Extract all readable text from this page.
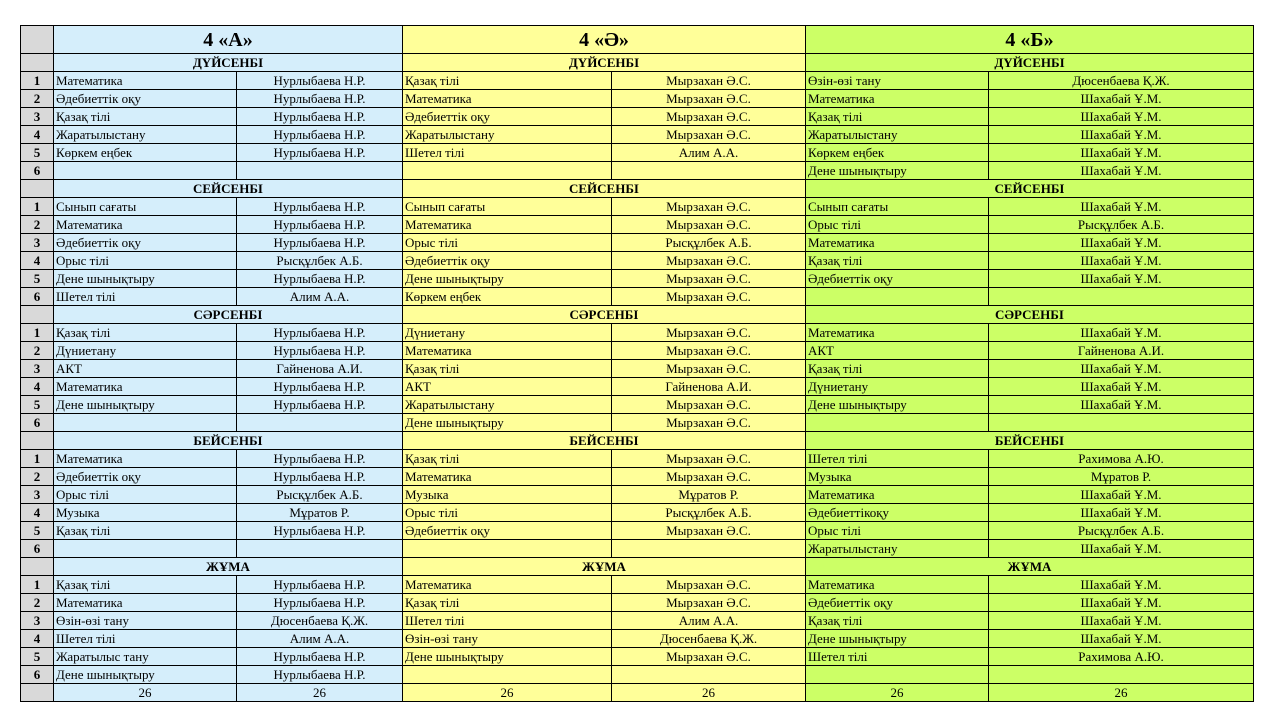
	4 «А»		4 «Ә»		4 «Б»	
	ДҮЙСЕНБІ		ДҮЙСЕНБІ		ДҮЙСЕНБІ	
1	Математика	Нурлыбаева Н.Р.	Қазақ тілі	Мырзахан Ә.С.	Өзін-өзі тану	Дюсенбаева Қ.Ж.
2	Әдебиеттік оқу	Нурлыбаева Н.Р.	Математика	Мырзахан Ә.С.	Математика	Шахабай Ұ.М.
3	Қазақ тілі	Нурлыбаева Н.Р.	Әдебиеттік оқу	Мырзахан Ә.С.	Қазақ тілі	Шахабай Ұ.М.
4	Жаратылыстану	Нурлыбаева Н.Р.	Жаратылыстану	Мырзахан Ә.С.	Жаратылыстану	Шахабай Ұ.М.
5	Көркем еңбек	Нурлыбаева Н.Р.	Шетел тілі	Алим А.А.	Көркем еңбек	Шахабай Ұ.М.
6					Дене шынықтыру	Шахабай Ұ.М.
	СЕЙСЕНБІ		СЕЙСЕНБІ		СЕЙСЕНБІ	
1	Сынып сағаты	Нурлыбаева Н.Р.	Сынып сағаты	Мырзахан Ә.С.	Сынып сағаты	Шахабай Ұ.М.
2	Математика	Нурлыбаева Н.Р.	Математика	Мырзахан Ә.С.	Орыс тілі	Рысқұлбек А.Б.
3	Әдебиеттік оқу	Нурлыбаева Н.Р.	Орыс тілі	Рысқұлбек А.Б.	Математика	Шахабай Ұ.М.
4	Орыс тілі	Рысқұлбек А.Б.	Әдебиеттік оқу	Мырзахан Ә.С.	Қазақ тілі	Шахабай Ұ.М.
5	Дене шынықтыру	Нурлыбаева Н.Р.	Дене шынықтыру	Мырзахан Ә.С.	Әдебиеттік оқу	Шахабай Ұ.М.
6	Шетел тілі	Алим А.А.	Көркем еңбек	Мырзахан Ә.С.		
	СӘРСЕНБІ		СӘРСЕНБІ		СӘРСЕНБІ	
1	Қазақ тілі	Нурлыбаева Н.Р.	Дүниетану	Мырзахан Ә.С.	Математика	Шахабай Ұ.М.
2	Дүниетану	Нурлыбаева Н.Р.	Математика	Мырзахан Ә.С.	АКТ	Гайненова А.И.
3	АКТ	Гайненова А.И.	Қазақ тілі	Мырзахан Ә.С.	Қазақ тілі	Шахабай Ұ.М.
4	Математика	Нурлыбаева Н.Р.	АКТ	Гайненова А.И.	Дүниетану	Шахабай Ұ.М.
5	Дене шынықтыру	Нурлыбаева Н.Р.	Жаратылыстану	Мырзахан Ә.С.	Дене шынықтыру	Шахабай Ұ.М.
6			Дене шынықтыру	Мырзахан Ә.С.		
	БЕЙСЕНБІ		БЕЙСЕНБІ		БЕЙСЕНБІ	
1	Математика	Нурлыбаева Н.Р.	Қазақ тілі	Мырзахан Ә.С.	Шетел тілі	Рахимова А.Ю.
2	Әдебиеттік оқу	Нурлыбаева Н.Р.	Математика	Мырзахан Ә.С.	Музыка	Мұратов Р.
3	Орыс тілі	Рысқұлбек А.Б.	Музыка	Мұратов Р.	Математика	Шахабай Ұ.М.
4	Музыка	Мұратов Р.	Орыс тілі	Рысқұлбек А.Б.	Әдебиеттікоқу	Шахабай Ұ.М.
5	Қазақ тілі	Нурлыбаева Н.Р.	Әдебиеттік оқу	Мырзахан Ә.С.	Орыс тілі	Рысқұлбек А.Б.
6					Жаратылыстану	Шахабай Ұ.М.
	ЖҰМА		ЖҰМА		ЖҰМА	
1	Қазақ тілі	Нурлыбаева Н.Р.	Математика	Мырзахан Ә.С.	Математика	Шахабай Ұ.М.
2	Математика	Нурлыбаева Н.Р.	Қазақ тілі	Мырзахан Ә.С.	Әдебиеттік оқу	Шахабай Ұ.М.
3	Өзін-өзі тану	Дюсенбаева Қ.Ж.	Шетел тілі	Алим А.А.	Қазақ тілі	Шахабай Ұ.М.
4	Шетел тілі	Алим А.А.	Өзін-өзі тану	Дюсенбаева Қ.Ж.	Дене шынықтыру	Шахабай Ұ.М.
5	Жаратылыс тану	Нурлыбаева Н.Р.	Дене шынықтыру	Мырзахан Ә.С.	Шетел тілі	Рахимова А.Ю.
6	Дене шынықтыру	Нурлыбаева Н.Р.				
	26	26	26	26	26	26
